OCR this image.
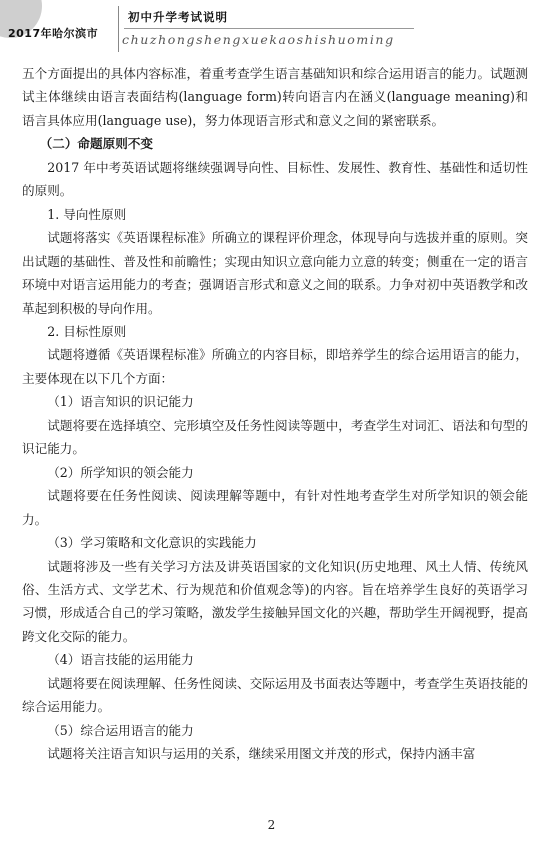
2017年哈尔滨市
初中升学考试说明
chuzhongshengxuekaoshishuoming

五个方面提出的具体内容标准，着重考查学生语言基础知识和综合运用语言的能力。试题测试主体继续由语言表面结构(language form)转向语言内在涵义(language meaning)和语言具体应用(language use)，努力体现语言形式和意义之间的紧密联系。

（二）命题原则不变

2017 年中考英语试题将继续强调导向性、目标性、发展性、教育性、基础性和适切性的原则。

1. 导向性原则

试题将落实《英语课程标准》所确立的课程评价理念，体现导向与选拔并重的原则。突出试题的基础性、普及性和前瞻性；实现由知识立意向能力立意的转变；侧重在一定的语言环境中对语言运用能力的考查；强调语言形式和意义之间的联系。力争对初中英语教学和改革起到积极的导向作用。

2. 目标性原则

试题将遵循《英语课程标准》所确立的内容目标，即培养学生的综合运用语言的能力，主要体现在以下几个方面：

（1）语言知识的识记能力

试题将要在选择填空、完形填空及任务性阅读等题中，考查学生对词汇、语法和句型的识记能力。

（2）所学知识的领会能力

试题将要在任务性阅读、阅读理解等题中，有针对性地考查学生对所学知识的领会能力。

（3）学习策略和文化意识的实践能力

试题将涉及一些有关学习方法及讲英语国家的文化知识(历史地理、风土人情、传统风俗、生活方式、文学艺术、行为规范和价值观念等)的内容。旨在培养学生良好的英语学习习惯，形成适合自己的学习策略，激发学生接触异国文化的兴趣，帮助学生开阔视野，提高跨文化交际的能力。

（4）语言技能的运用能力

试题将要在阅读理解、任务性阅读、交际运用及书面表达等题中，考查学生英语技能的综合运用能力。

（5）综合运用语言的能力

试题将关注语言知识与运用的关系，继续采用图文并茂的形式，保持内涵丰富

2
